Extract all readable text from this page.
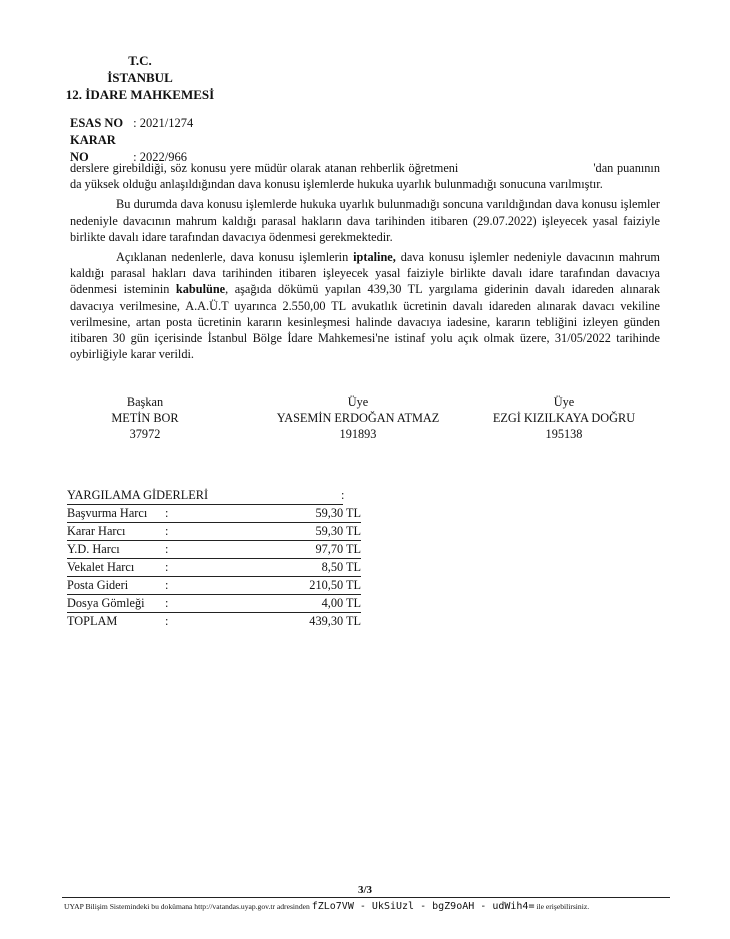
T.C.
İSTANBUL
12. İDARE MAHKEMESİ
ESAS NO : 2021/1274
KARAR NO	: 2022/966

derslere girebildiği, söz konusu yere müdür olarak atanan rehberlik öğretmeni	'dan puanının da yüksek olduğu anlaşıldığından dava konusu işlemlerde hukuka uyarlık bulunmadığı sonucuna varılmıştır.

Bu durumda dava konusu işlemlerde hukuka uyarlık bulunmadığı soncuna varıldığından dava konusu işlemler nedeniyle davacının mahrum kaldığı parasal hakların dava tarihinden itibaren (29.07.2022) işleyecek yasal faiziyle birlikte davalı idare tarafından davacıya ödenmesi gerekmektedir.

Açıklanan nedenlerle, dava konusu işlemlerin iptaline, dava konusu işlemler nedeniyle davacının mahrum kaldığı parasal hakları dava tarihinden itibaren işleyecek yasal faiziyle birlikte davalı idare tarafından davacıya ödenmesi isteminin kabulüne, aşağıda dökümü yapılan 439,30 TL yargılama giderinin davalı idareden alınarak davacıya verilmesine, A.A.Ü.T uyarınca 2.550,00 TL avukatlık ücretinin davalı idareden alınarak davacı vekiline verilmesine, artan posta ücretinin kararın kesinleşmesi halinde davacıya iadesine, kararın tebliğini izleyen günden itibaren 30 gün içerisinde İstanbul Bölge İdare Mahkemesi'ne istinaf yolu açık olmak üzere, 31/05/2022 tarihinde oybirliğiyle karar verildi.

Başkan
METİN BOR
37972
Üye
YASEMİN ERDOĞAN ATMAZ
191893
Üye
EZGİ KIZILKAYA DOĞRU
195138
YARGILAMA GİDERLERİ	:
Başvurma Harcı	:	59,30 TL
Karar Harcı	:	59,30 TL
Y.D. Harcı	:	97,70 TL
Vekalet Harcı	:	8,50 TL
Posta Gideri	:	210,50 TL
Dosya Gömleği	:	4,00 TL
TOPLAM	:	439,30 TL
3/3
UYAP Bilişim Sistemindeki bu dokümana http://vatandas.uyap.gov.tr adresinden fZLo7VW - UkSiUzl - bgZ9oAH - udWih4= ile erişebilirsiniz.
